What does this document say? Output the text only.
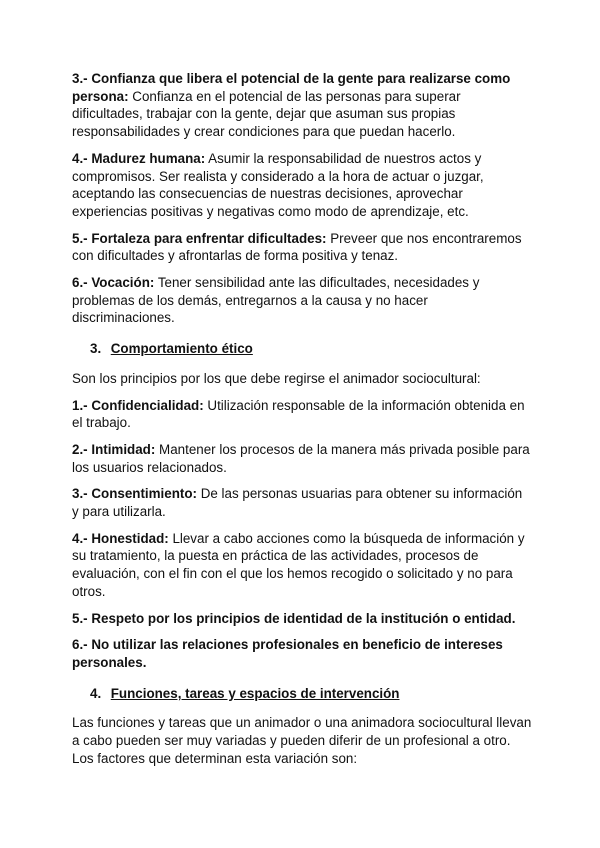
3.- Confianza que libera el potencial de la gente para realizarse como persona: Confianza en el potencial de las personas para superar dificultades, trabajar con la gente, dejar que asuman sus propias responsabilidades y crear condiciones para que puedan hacerlo.

4.- Madurez humana: Asumir la responsabilidad de nuestros actos y compromisos. Ser realista y considerado a la hora de actuar o juzgar, aceptando las consecuencias de nuestras decisiones, aprovechar experiencias positivas y negativas como modo de aprendizaje, etc.

5.- Fortaleza para enfrentar dificultades: Preveer que nos encontraremos con dificultades y afrontarlas de forma positiva y tenaz.

6.- Vocación: Tener sensibilidad ante las dificultades, necesidades y problemas de los demás, entregarnos a la causa y no hacer discriminaciones.

3. Comportamiento ético

Son los principios por los que debe regirse el animador sociocultural:

1.- Confidencialidad: Utilización responsable de la información obtenida en el trabajo.

2.- Intimidad: Mantener los procesos de la manera más privada posible para los usuarios relacionados.

3.- Consentimiento: De las personas usuarias para obtener su información y para utilizarla.

4.- Honestidad: Llevar a cabo acciones como la búsqueda de información y su tratamiento, la puesta en práctica de las actividades, procesos de evaluación, con el fin con el que los hemos recogido o solicitado y no para otros.

5.- Respeto por los principios de identidad de la institución o entidad.

6.- No utilizar las relaciones profesionales en beneficio de intereses personales.

4. Funciones, tareas y espacios de intervención

Las funciones y tareas que un animador o una animadora sociocultural llevan a cabo pueden ser muy variadas y pueden diferir de un profesional a otro. Los factores que determinan esta variación son:
